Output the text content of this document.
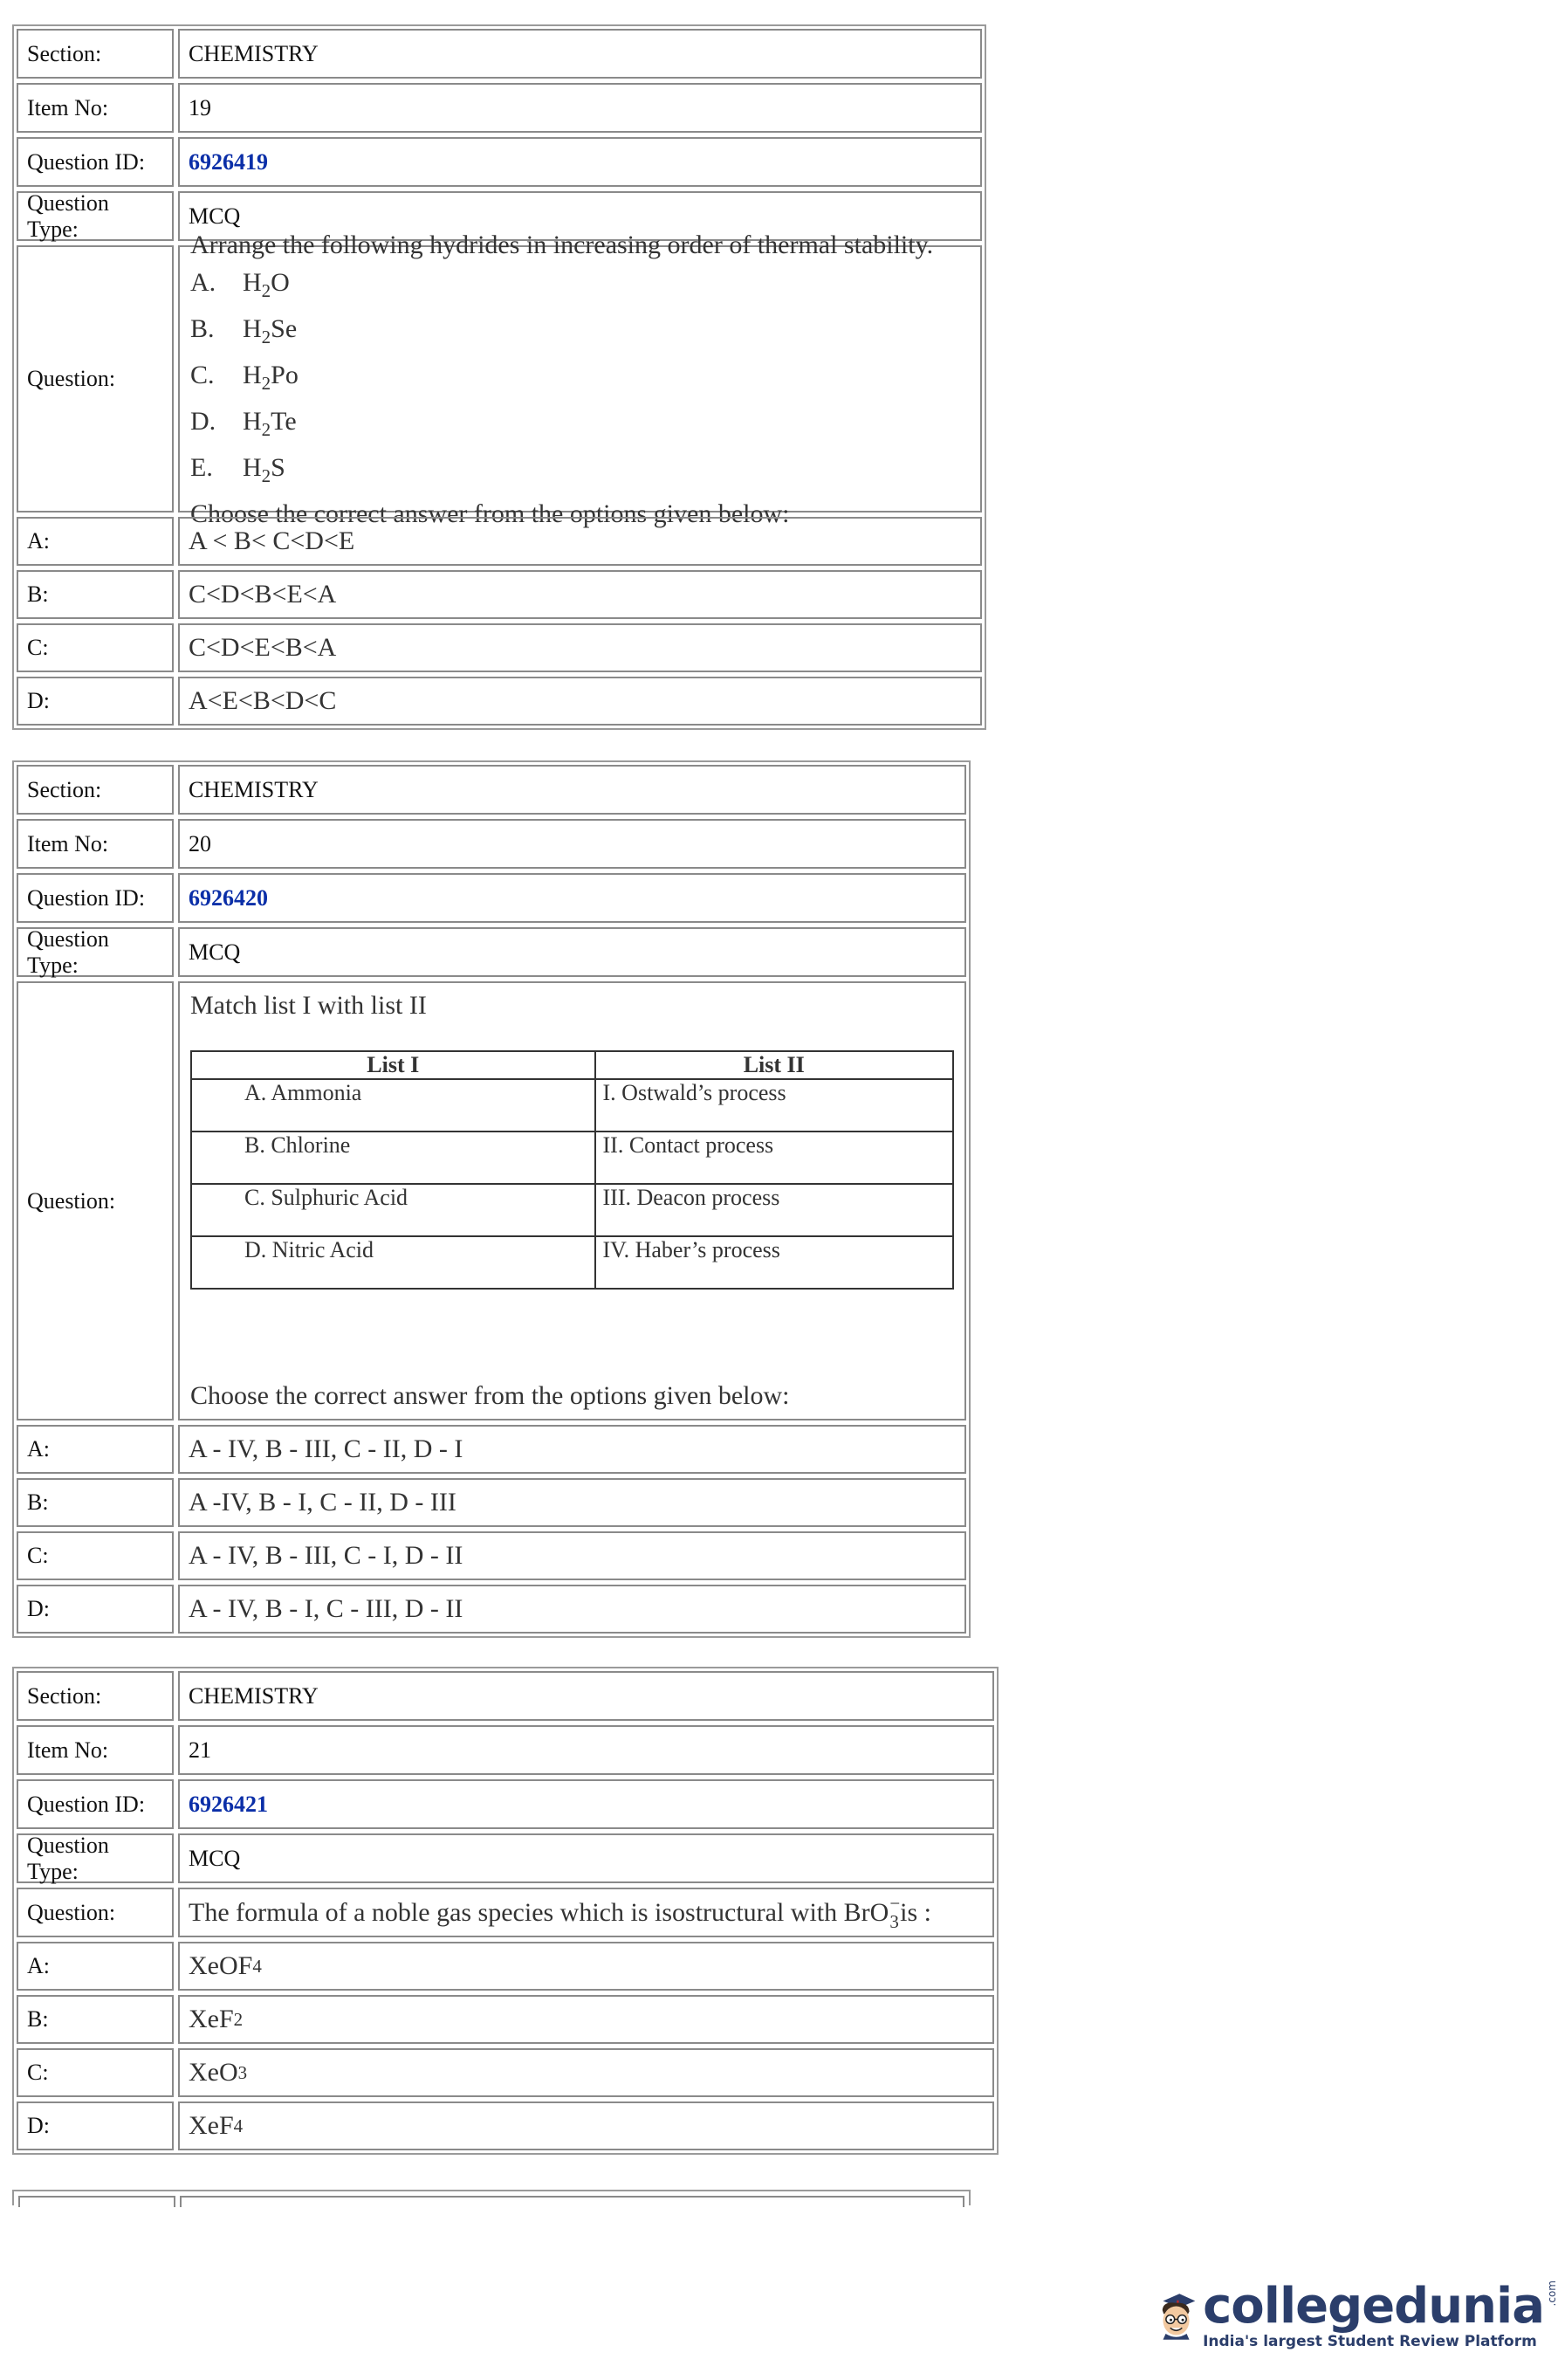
Section:	CHEMISTRY
Item No:	19
Question ID:	6926419
Question Type:
MCQ
Question:
Arrange the following hydrides in increasing order of thermal stability.
A.	$H_2O$
B.	$H_2Se$
C.	$H_2Po$
D.	$H_2Te$
E.	$H_2S$
Choose the correct answer from the options given below:
A:	A < B< C<D<E
B:	C<D<B<E<A
C:	C<D<E<B<A
D:	A<E<B<D<C
Section:	CHEMISTRY
Item No:	20
Question ID:	6926420
Question Type:
MCQ
Question:
Match list I with list II
List I	List II
A. Ammonia	I. Ostwald’s process
B. Chlorine	II. Contact process
C. Sulphuric Acid	III. Deacon process
D. Nitric Acid	IV. Haber’s process
Choose the correct answer from the options given below:
A:	A - IV, B - III, C - II, D - I
B:	A -IV, B - I, C - II, D - III
C:	A - IV, B - III, C - I, D - II
D:	A - IV, B - I, C - III, D - II
Section:	CHEMISTRY
Item No:	21
Question ID:	6926421
Question Type:
MCQ
Question:	The formula of a noble gas species which is isostructural with BrO −
3 is :
A:	XeOF 4
B:	XeF 2
C:	XeO 3
D:	XeF 4
collegedunia .com
India's largest Student Review Platform
